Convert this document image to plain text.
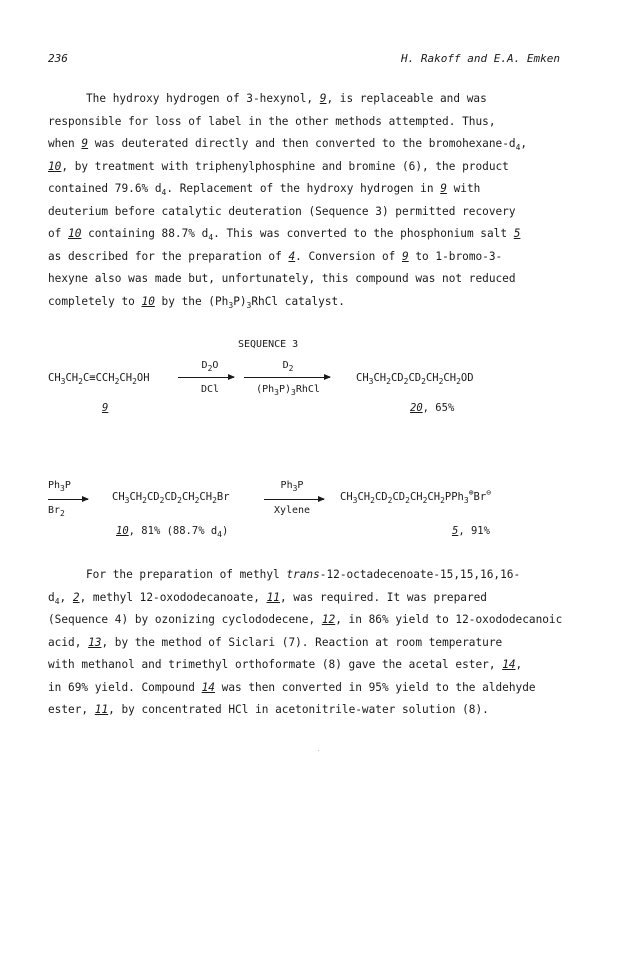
236	H. Rakoff and E.A. Emken
The hydroxy hydrogen of 3-hexynol, 9, is replaceable and was
responsible for loss of label in the other methods attempted. Thus,
when 9 was deuterated directly and then converted to the bromohexane-$d_4$,
10, by treatment with triphenylphosphine and bromine (6), the product
contained 79.6% $d_4$. Replacement of the hydroxy hydrogen in 9 with
deuterium before catalytic deuteration (Sequence 3) permitted recovery
of 10 containing 88.7% $d_4$. This was converted to the phosphonium salt 5
as described for the preparation of 4. Conversion of 9 to 1-bromo-3-
hexyne also was made but, unfortunately, this compound was not reduced
completely to 10 by the $(Ph_3P)_3RhCl$ catalyst.
SEQUENCE 3
$CH_3CH_2C\equiv CCH_2CH_2OH$
9
$D_2O$
DCl
$D_2$
$(Ph_3P)_3RhCl$
$CH_3CH_2CD_2CD_2CH_2CH_2OD$
20, 65%
$Ph_3P$
$Br_2$
$CH_3CH_2CD_2CD_2CH_2CH_2Br$
10, 81% (88.7% $d_4$)
$Ph_3P$
Xylene
$CH_3CH_2CD_2CD_2CH_2CH_2PPh_3^\oplus Br^⊖$
5, 91%
For the preparation of methyl trans-12-octadecenoate-15,15,16,16-
$d_4$, 2, methyl 12-oxododecanoate, 11, was required. It was prepared
(Sequence 4) by ozonizing cyclododecene, 12, in 86% yield to 12-oxododecanoic
acid, 13, by the method of Siclari (7). Reaction at room temperature
with methanol and trimethyl orthoformate (8) gave the acetal ester, 14,
in 69% yield. Compound 14 was then converted in 95% yield to the aldehyde
ester, 11, by concentrated HCl in acetonitrile-water solution (8).
